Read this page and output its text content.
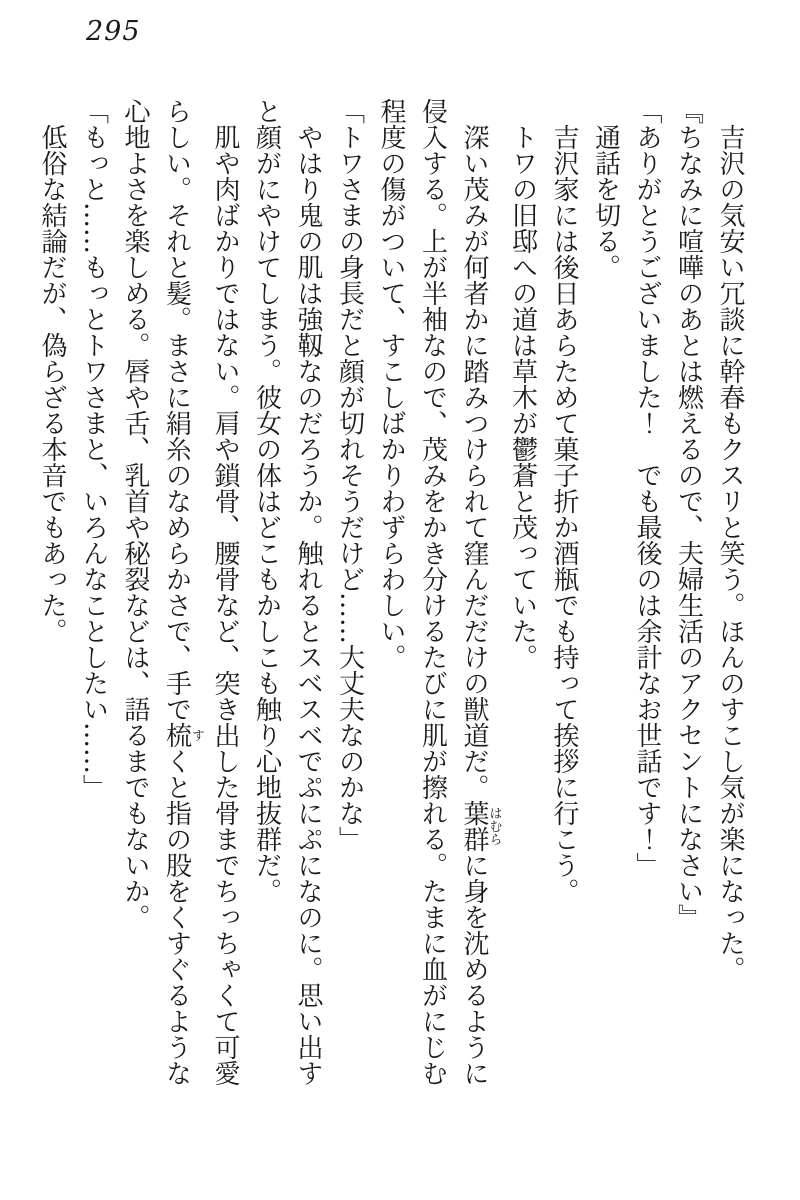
295
吉沢の気安い冗談に幹春もクスリと笑う。ほんのすこし気が楽になった。
『ちなみに喧嘩のあとは燃えるので、夫婦生活のアクセントになさい』
「ありがとうございました！　でも最後のは余計なお世話です！」
通話を切る。
吉沢家には後日あらためて菓子折か酒瓶でも持って挨拶に行こう。
トワの旧邸への道は草木が鬱蒼と茂っていた。
深い茂みが何者かに踏みつけられて窪んだだけの獣道だ。葉群はむらに身を沈めるように
侵入する。上が半袖なので、茂みをかき分けるたびに肌が擦れる。たまに血がにじむ
程度の傷がついて、すこしばかりわずらわしい。
「トワさまの身長だと顔が切れそうだけど……大丈夫なのかな」
やはり鬼の肌は強靱なのだろうか。触れるとスベスベでぷにぷになのに。思い出す
と顔がにやけてしまう。彼女の体はどこもかしこも触り心地抜群だ。
肌や肉ばかりではない。肩や鎖骨、腰骨など、突き出した骨までちっちゃくて可愛
らしい。それと髪。まさに絹糸のなめらかさで、手で梳すくと指の股をくすぐるような
心地よさを楽しめる。唇や舌、乳首や秘裂などは、語るまでもないか。
「もっと……もっとトワさまと、いろんなことしたい……」
低俗な結論だが、偽らざる本音でもあった。
